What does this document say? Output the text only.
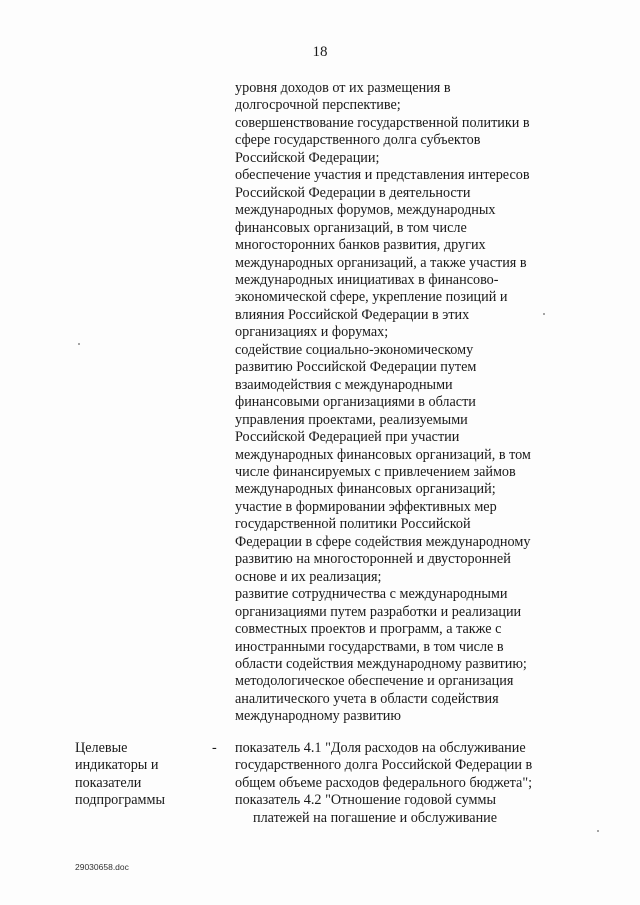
18
уровня доходов от их размещения в
долгосрочной перспективе;
совершенствование государственной политики в
сфере государственного долга субъектов
Российской Федерации;
обеспечение участия и представления интересов
Российской Федерации в деятельности
международных форумов, международных
финансовых организаций, в том числе
многосторонних банков развития, других
международных организаций, а также участия в
международных инициативах в финансово-
экономической сфере, укрепление позиций и
влияния Российской Федерации в этих
организациях и форумах;
содействие социально-экономическому
развитию Российской Федерации путем
взаимодействия с международными
финансовыми организациями в области
управления проектами, реализуемыми
Российской Федерацией при участии
международных финансовых организаций, в том
числе финансируемых с привлечением займов
международных финансовых организаций;
участие в формировании эффективных мер
государственной политики Российской
Федерации в сфере содействия международному
развитию на многосторонней и двусторонней
основе и их реализация;
развитие сотрудничества с международными
организациями путем разработки и реализации
совместных проектов и программ, а также с
иностранными государствами, в том числе в
области содействия международному развитию;
методологическое обеспечение и организация
аналитического учета в области содействия
международному развитию
Целевые
индикаторы и
показатели
подпрограммы
- показатель 4.1 "Доля расходов на обслуживание
государственного долга Российской Федерации в
общем объеме расходов федерального бюджета";
показатель 4.2 "Отношение годовой суммы
платежей на погашение и обслуживание
29030658.doc
